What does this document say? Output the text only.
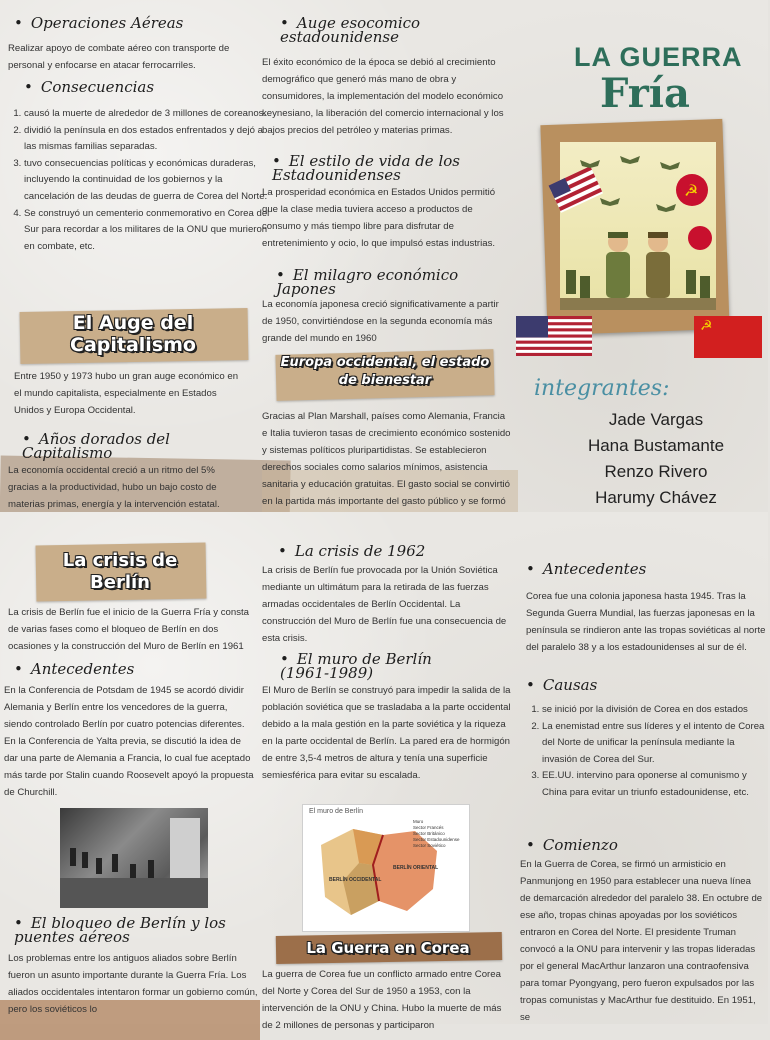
• Operaciones Aéreas
Realizar apoyo de combate aéreo con transporte de personal y enfocarse en atacar ferrocarriles.
• Consecuencias
1. causó la muerte de alrededor de 3 millones de coreanos.
2. dividió la península en dos estados enfrentados y dejó a las mismas familias separadas.
3. tuvo consecuencias políticas y económicas duraderas, incluyendo la continuidad de los gobiernos y la cancelación de las deudas de guerra de Corea del Norte.
4. Se construyó un cementerio conmemorativo en Corea del Sur para recordar a los militares de la ONU que murieron en combate, etc.
El Auge del Capitalismo
Entre 1950 y 1973 hubo un gran auge económico en el mundo capitalista, especialmente en Estados Unidos y Europa Occidental.
• Años dorados del Capitalismo
La economía occidental creció a un ritmo del 5% gracias a la productividad, hubo un bajo costo de materias primas, energía y la intervención estatal.
• Auge esocomico estadounidense
El éxito económico de la época se debió al crecimiento demográfico que generó más mano de obra y consumidores, la implementación del modelo económico keynesiano, la liberación del comercio internacional y los bajos precios del petróleo y materias primas.
• El estilo de vida de los Estadounidenses
La prosperidad económica en Estados Unidos permitió que la clase media tuviera acceso a productos de consumo y más tiempo libre para disfrutar de entretenimiento y ocio, lo que impulsó estas industrias.
• El milagro económico Japones
La economía japonesa creció significativamente a partir de 1950, convirtiéndose en la segunda economía más grande del mundo en 1960
Europa occidental, el estado de bienestar
Gracias al Plan Marshall, países como Alemania, Francia e Italia tuvieron tasas de crecimiento económico sostenido y sistemas políticos pluripartidistas. Se establecieron derechos sociales como salarios mínimos, asistencia sanitaria y educación gratuitas. El gasto social se convirtió en la partida más importante del gasto público y se formó
LA GUERRA
Fría
☭
☭
integrantes:
Jade Vargas
Hana Bustamante
Renzo Rivero
Harumy Chávez
La crisis de Berlín
La crisis de Berlín fue el inicio de la Guerra Fría y consta de varias fases como el bloqueo de Berlín en dos ocasiones y la construcción del Muro de Berlín en 1961
• Antecedentes
En la Conferencia de Potsdam de 1945 se acordó dividir Alemania y Berlín entre los vencedores de la guerra, siendo controlado Berlín por cuatro potencias diferentes. En la Conferencia de Yalta previa, se discutió la idea de dar una parte de Alemania a Francia, lo cual fue aceptado más tarde por Stalin cuando Roosevelt apoyó la propuesta de Churchill.
• El bloqueo de Berlín y los puentes aéreos
Los problemas entre los antiguos aliados sobre Berlín fueron un asunto importante durante la Guerra Fría. Los aliados occidentales intentaron formar un gobierno común, pero los soviéticos lo
• La crisis de 1962
La crisis de Berlín fue provocada por la Unión Soviética mediante un ultimátum para la retirada de las fuerzas armadas occidentales de Berlín Occidental. La construcción del Muro de Berlín fue una consecuencia de esta crisis.
• El muro de Berlín (1961-1989)
El Muro de Berlín se construyó para impedir la salida de la población soviética que se trasladaba a la parte occidental debido a la mala gestión en la parte soviética y la riqueza en la parte occidental de Berlín. La pared era de hormigón de entre 3,5-4 metros de altura y tenía una superficie semiesférica para evitar su escalada.
El muro de Berlín
BERLÍN OCCIDENTAL
BERLÍN ORIENTAL
Muro
Sector Francés
Sector Británico
Sector Estadounidense
Sector Soviético
La Guerra en Corea
La guerra de Corea fue un conflicto armado entre Corea del Norte y Corea del Sur de 1950 a 1953, con la intervención de la ONU y China. Hubo la muerte de más de 2 millones de personas y participaron
• Antecedentes
Corea fue una colonia japonesa hasta 1945. Tras la Segunda Guerra Mundial, las fuerzas japonesas en la península se rindieron ante las tropas soviéticas al norte del paralelo 38 y a los estadounidenses al sur de él.
• Causas
1. se inició por la división de Corea en dos estados
2. La enemistad entre sus líderes y el intento de Corea del Norte de unificar la península mediante la invasión de Corea del Sur.
3. EE.UU. intervino para oponerse al comunismo y China para evitar un triunfo estadounidense, etc.
• Comienzo
En la Guerra de Corea, se firmó un armisticio en Panmunjong en 1950 para establecer una nueva línea de demarcación alrededor del paralelo 38. En octubre de ese año, tropas chinas apoyadas por los soviéticos entraron en Corea del Norte. El presidente Truman convocó a la ONU para intervenir y las tropas lideradas por el general MacArthur lanzaron una contraofensiva para tomar Pyongyang, pero fueron expulsados por las tropas comunistas y MacArthur fue destituido. En 1951, se
